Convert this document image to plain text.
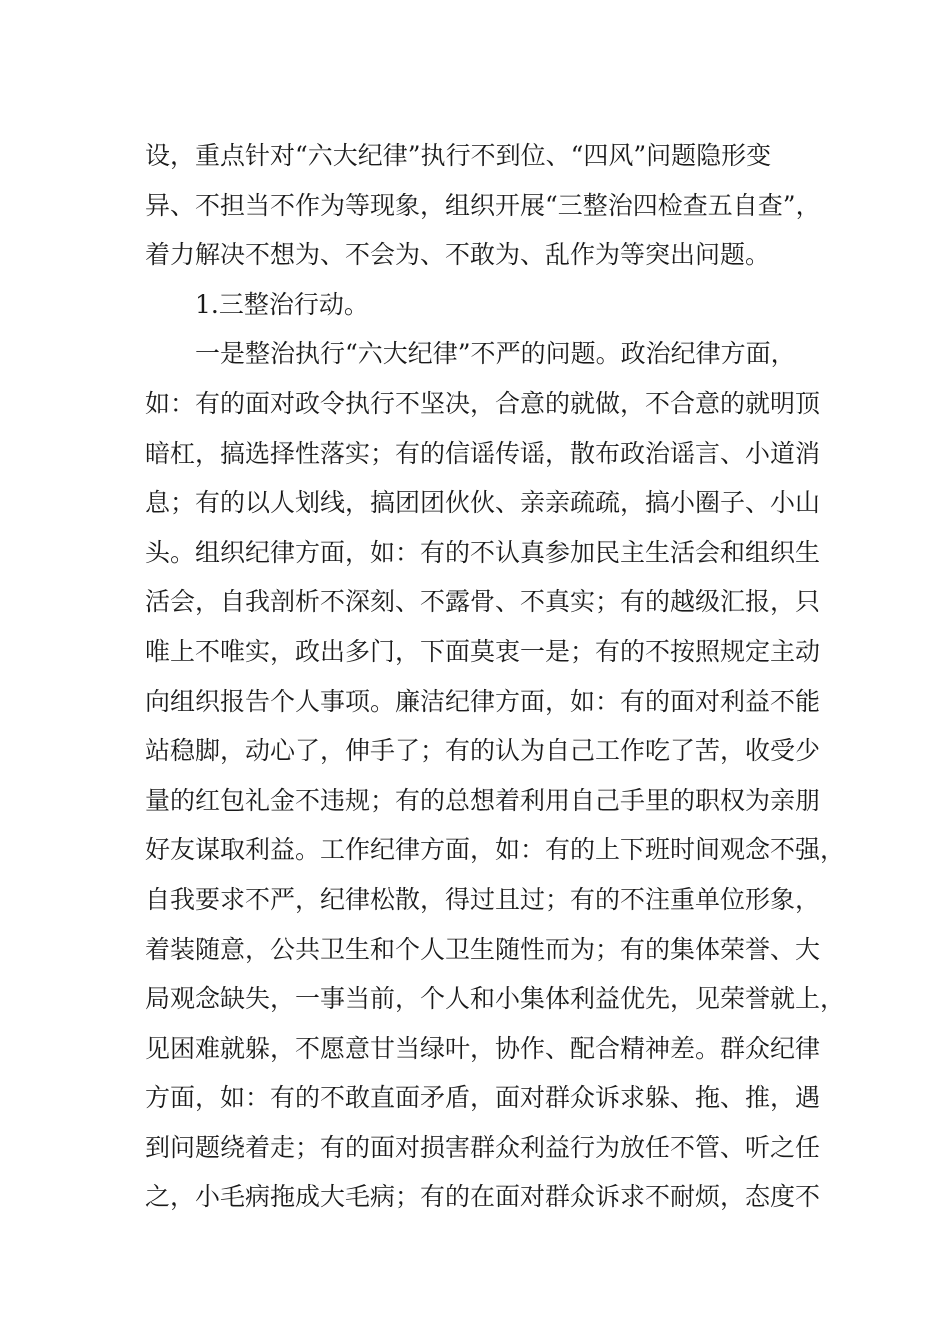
设，重点针对“六大纪律”执行不到位、“四风”问题隐形变
异、不担当不作为等现象，组织开展“三整治四检查五自查”，
着力解决不想为、不会为、不敢为、乱作为等突出问题。
1.三整治行动。
一是整治执行“六大纪律”不严的问题。政治纪律方面，
如：有的面对政令执行不坚决，合意的就做，不合意的就明顶
暗杠，搞选择性落实；有的信谣传谣，散布政治谣言、小道消
息；有的以人划线，搞团团伙伙、亲亲疏疏，搞小圈子、小山
头。组织纪律方面，如：有的不认真参加民主生活会和组织生
活会，自我剖析不深刻、不露骨、不真实；有的越级汇报，只
唯上不唯实，政出多门，下面莫衷一是；有的不按照规定主动
向组织报告个人事项。廉洁纪律方面，如：有的面对利益不能
站稳脚，动心了，伸手了；有的认为自己工作吃了苦，收受少
量的红包礼金不违规；有的总想着利用自己手里的职权为亲朋
好友谋取利益。工作纪律方面，如：有的上下班时间观念不强，
自我要求不严，纪律松散，得过且过；有的不注重单位形象，
着装随意，公共卫生和个人卫生随性而为；有的集体荣誉、大
局观念缺失，一事当前，个人和小集体利益优先，见荣誉就上，
见困难就躲，不愿意甘当绿叶，协作、配合精神差。群众纪律
方面，如：有的不敢直面矛盾，面对群众诉求躲、拖、推，遇
到问题绕着走；有的面对损害群众利益行为放任不管、听之任
之，小毛病拖成大毛病；有的在面对群众诉求不耐烦，态度不
